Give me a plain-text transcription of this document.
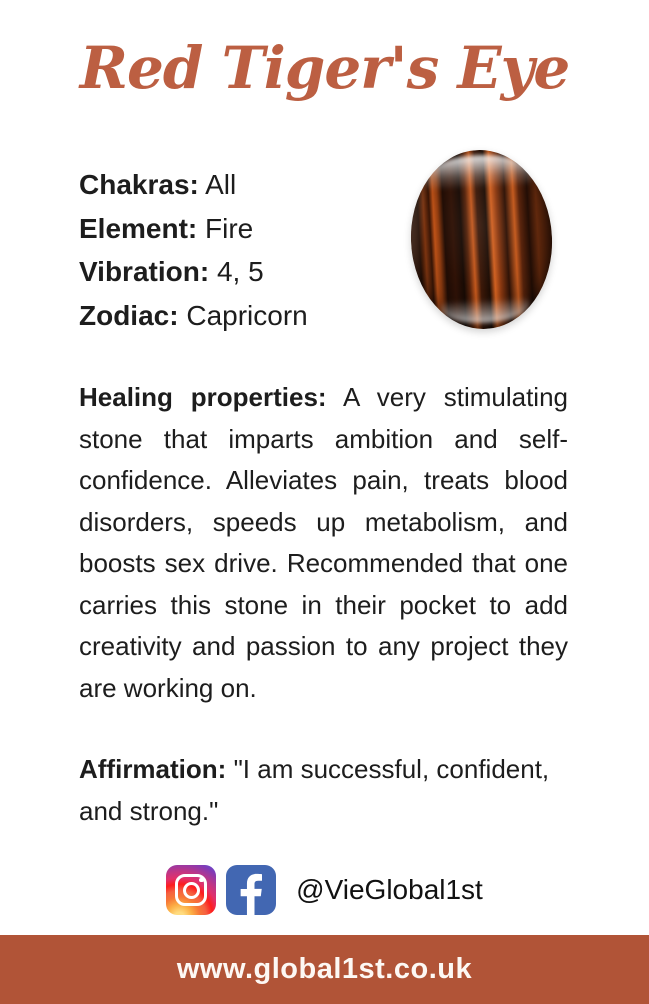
Red Tiger's Eye
Chakras: All
Element: Fire
Vibration: 4, 5
Zodiac: Capricorn

Healing properties: A very stimulating stone that imparts ambition and self-confidence. Alleviates pain, treats blood disorders, speeds up metabolism, and boosts sex drive. Recommended that one carries this stone in their pocket to add creativity and passion to any project they are working on.

Affirmation: "I am successful, confident, and strong."

@VieGlobal1st
www.global1st.co.uk
